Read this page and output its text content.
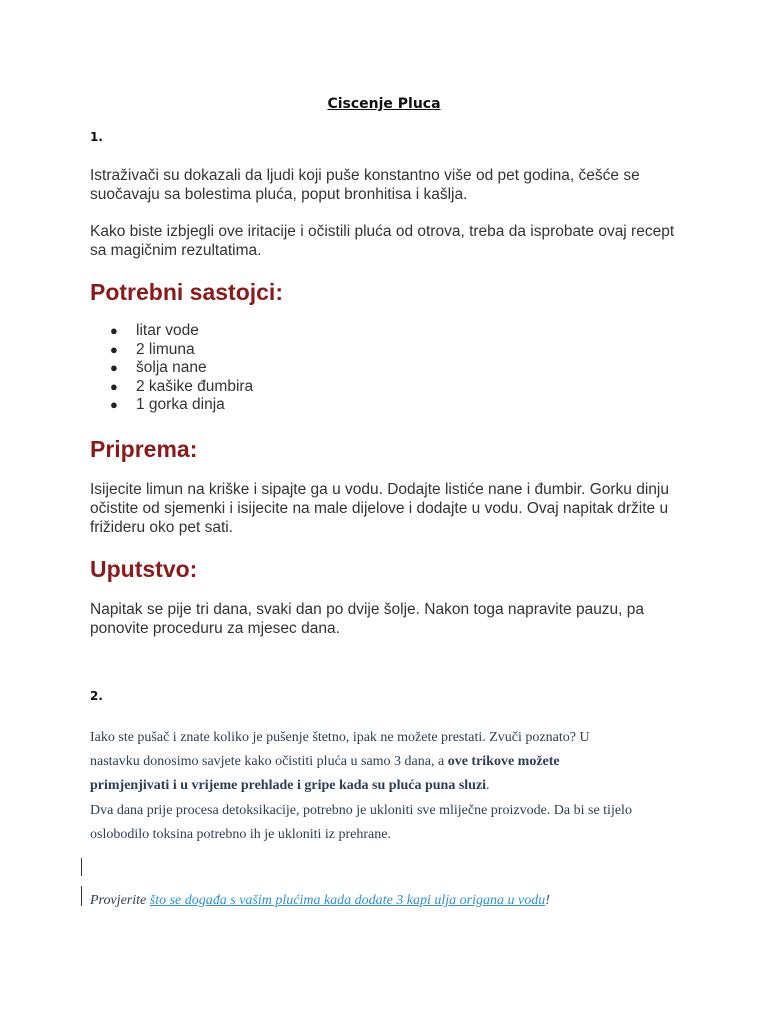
Ciscenje Pluca
1.
Istraživači su dokazali da ljudi koji puše konstantno više od pet godina, češće se suočavaju sa bolestima pluća, poput bronhitisa i kašlja.
Kako biste izbjegli ove iritacije i očistili pluća od otrova, treba da isprobate ovaj recept sa magičnim rezultatima.
Potrebni sastojci:
● litar vode
● 2 limuna
● šolja nane
● 2 kašike đumbira
● 1 gorka dinja
Priprema:
Isijecite limun na kriške i sipajte ga u vodu. Dodajte listiće nane i đumbir. Gorku dinju očistite od sjemenki i isijecite na male dijelove i dodajte u vodu. Ovaj napitak držite u frižideru oko pet sati.
Uputstvo:
Napitak se pije tri dana, svaki dan po dvije šolje. Nakon toga napravite pauzu, pa ponovite proceduru za mjesec dana.
2.
Iako ste pušač i znate koliko je pušenje štetno, ipak ne možete prestati. Zvuči poznato? U
nastavku donosimo savjete kako očistiti pluća u samo 3 dana, a ove trikove možete
primjenjivati i u vrijeme prehlade i gripe kada su pluća puna sluzi.
Dva dana prije procesa detoksikacije, potrebno je ukloniti sve mliječne proizvode. Da bi se tijelo
oslobodilo toksina potrebno ih je ukloniti iz prehrane.
Provjerite što se događa s vašim plućima kada dodate 3 kapi ulja origana u vodu!
